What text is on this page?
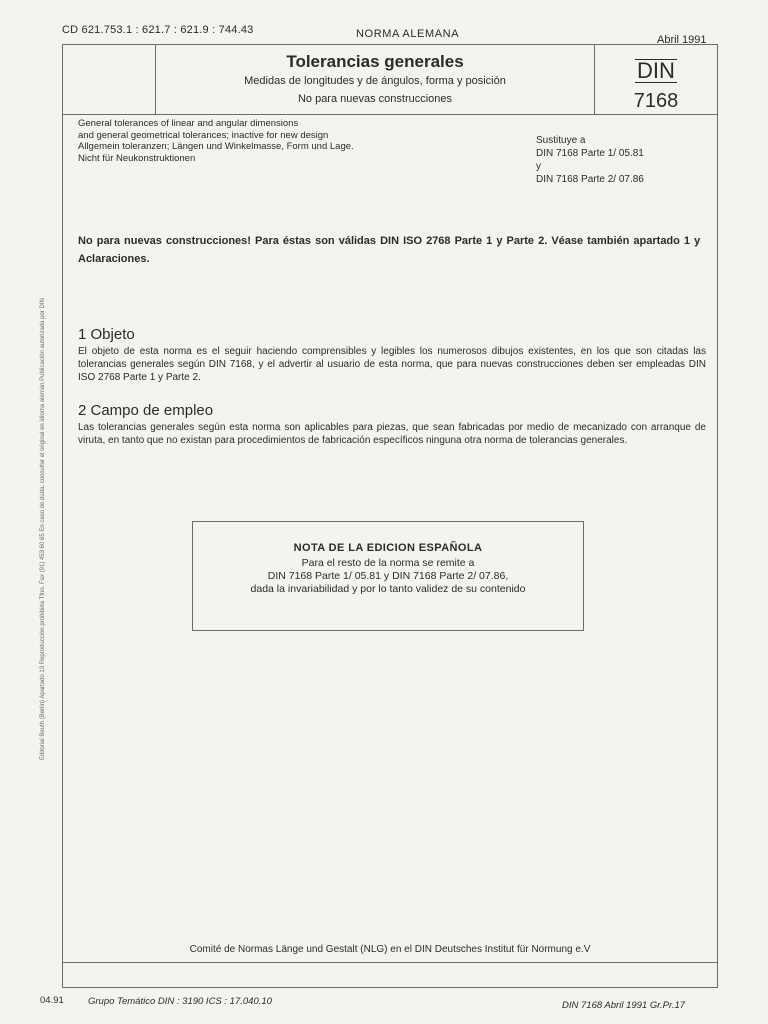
CD 621.753.1 : 621.7 : 621.9 : 744.43	NORMA ALEMANA	Abril 1991
Tolerancias generales
Medidas de longitudes y de ángulos, forma y posición
No para nuevas construcciones
DIN
7168
General tolerances of linear and angular dimensions
and general geometrical tolerances; inactive for new design
Allgemein toleranzen; Längen und Winkelmasse, Form und Lage.
Nicht für Neukonstruktionen
Sustituye a
DIN 7168 Parte 1/ 05.81
y
DIN 7168 Parte 2/ 07.86
No para nuevas construcciones! Para éstas son válidas DIN ISO 2768 Parte 1 y Parte 2. Véase también apartado 1 y Aclaraciones.
1 Objeto
El objeto de esta norma es el seguir haciendo comprensibles y legibles los numerosos dibujos existentes, en los que son citadas las tolerancias generales según DIN 7168, y el advertir al usuario de esta norma, que para nuevas construcciones deben ser empleadas DIN ISO 2768 Parte 1 y Parte 2.
2 Campo de empleo
Las tolerancias generales según esta norma son aplicables para piezas, que sean fabricadas por medio de mecanizado con arranque de viruta, en tanto que no existan para procedimientos de fabricación específicos ninguna otra norma de tolerancias generales.
NOTA DE LA EDICION ESPAÑOLA
Para el resto de la norma se remite a
DIN 7168 Parte 1/ 05.81 y DIN 7168 Parte 2/ 07.86,
dada la invariabilidad y por lo tanto validez de su contenido
Comité de Normas Länge und Gestalt (NLG) en el DIN Deutsches Institut für Normung e.V
04.91	Grupo Temático DIN : 3190 ICS : 17.040.10	DIN 7168 Abril 1991 Gr.Pr.17
Editorial Beuth (Berlin) Apartado 13 Reproducción prohibida Tfno. Fax (91) 453 60 65 En caso de duda, consultar el original en idioma alemán Publicación autorizada por DIN
